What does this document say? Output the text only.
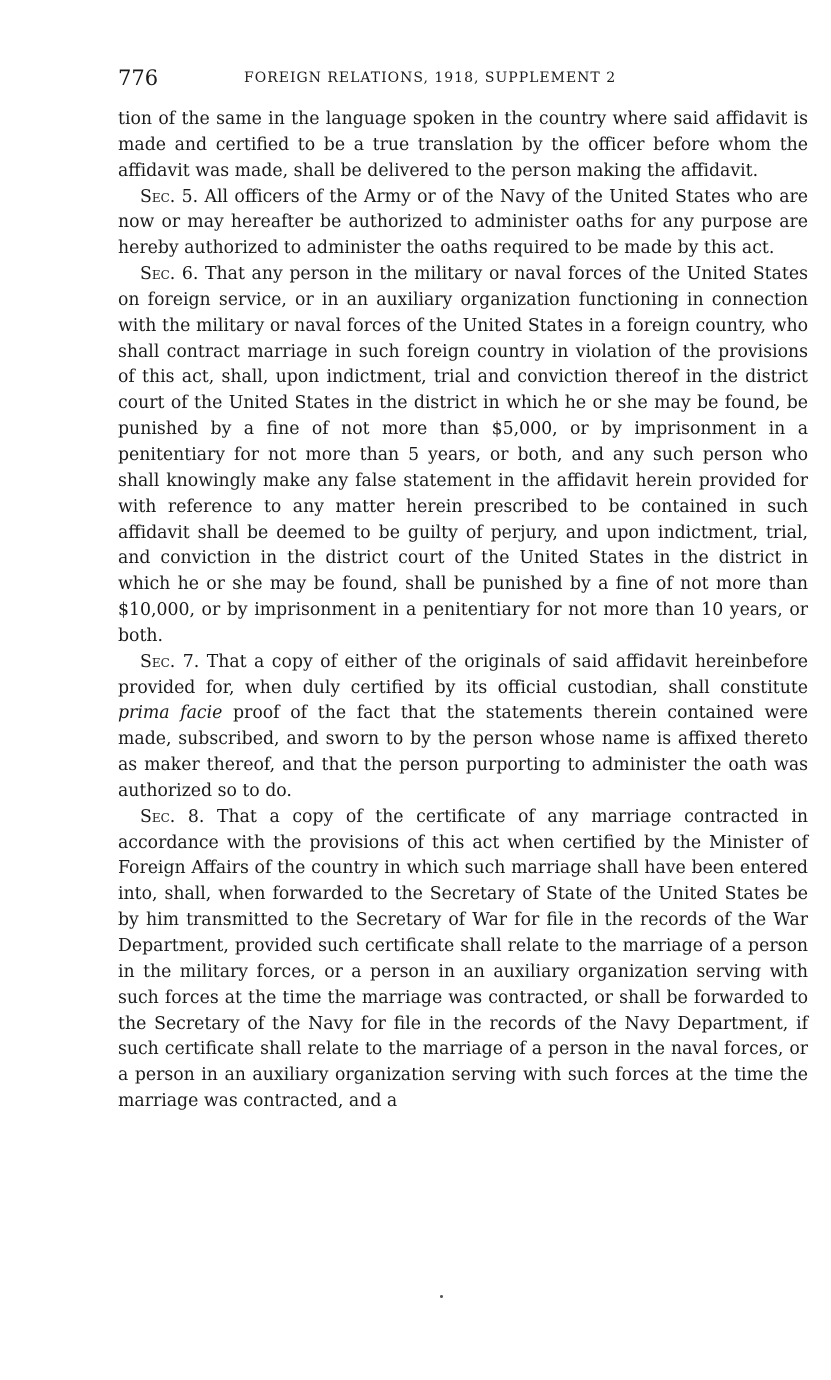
776	FOREIGN RELATIONS, 1918, SUPPLEMENT 2

tion of the same in the language spoken in the country where said affidavit is made and certified to be a true translation by the officer before whom the affidavit was made, shall be delivered to the person making the affidavit.

Sec. 5. All officers of the Army or of the Navy of the United States who are now or may hereafter be authorized to administer oaths for any purpose are hereby authorized to administer the oaths required to be made by this act.

Sec. 6. That any person in the military or naval forces of the United States on foreign service, or in an auxiliary organization functioning in connection with the military or naval forces of the United States in a foreign country, who shall contract marriage in such foreign country in violation of the provisions of this act, shall, upon indictment, trial and conviction thereof in the district court of the United States in the district in which he or she may be found, be punished by a fine of not more than $5,000, or by imprisonment in a penitentiary for not more than 5 years, or both, and any such person who shall knowingly make any false statement in the affidavit herein provided for with reference to any matter herein prescribed to be contained in such affidavit shall be deemed to be guilty of perjury, and upon indictment, trial, and conviction in the district court of the United States in the district in which he or she may be found, shall be punished by a fine of not more than $10,000, or by imprisonment in a penitentiary for not more than 10 years, or both.

Sec. 7. That a copy of either of the originals of said affidavit hereinbefore provided for, when duly certified by its official custodian, shall constitute prima facie proof of the fact that the statements therein contained were made, subscribed, and sworn to by the person whose name is affixed thereto as maker thereof, and that the person purporting to administer the oath was authorized so to do.

Sec. 8. That a copy of the certificate of any marriage contracted in accordance with the provisions of this act when certified by the Minister of Foreign Affairs of the country in which such marriage shall have been entered into, shall, when forwarded to the Secretary of State of the United States be by him transmitted to the Secretary of War for file in the records of the War Department, provided such certificate shall relate to the marriage of a person in the military forces, or a person in an auxiliary organization serving with such forces at the time the marriage was contracted, or shall be forwarded to the Secretary of the Navy for file in the records of the Navy Department, if such certificate shall relate to the marriage of a person in the naval forces, or a person in an auxiliary organization serving with such forces at the time the marriage was contracted, and a
